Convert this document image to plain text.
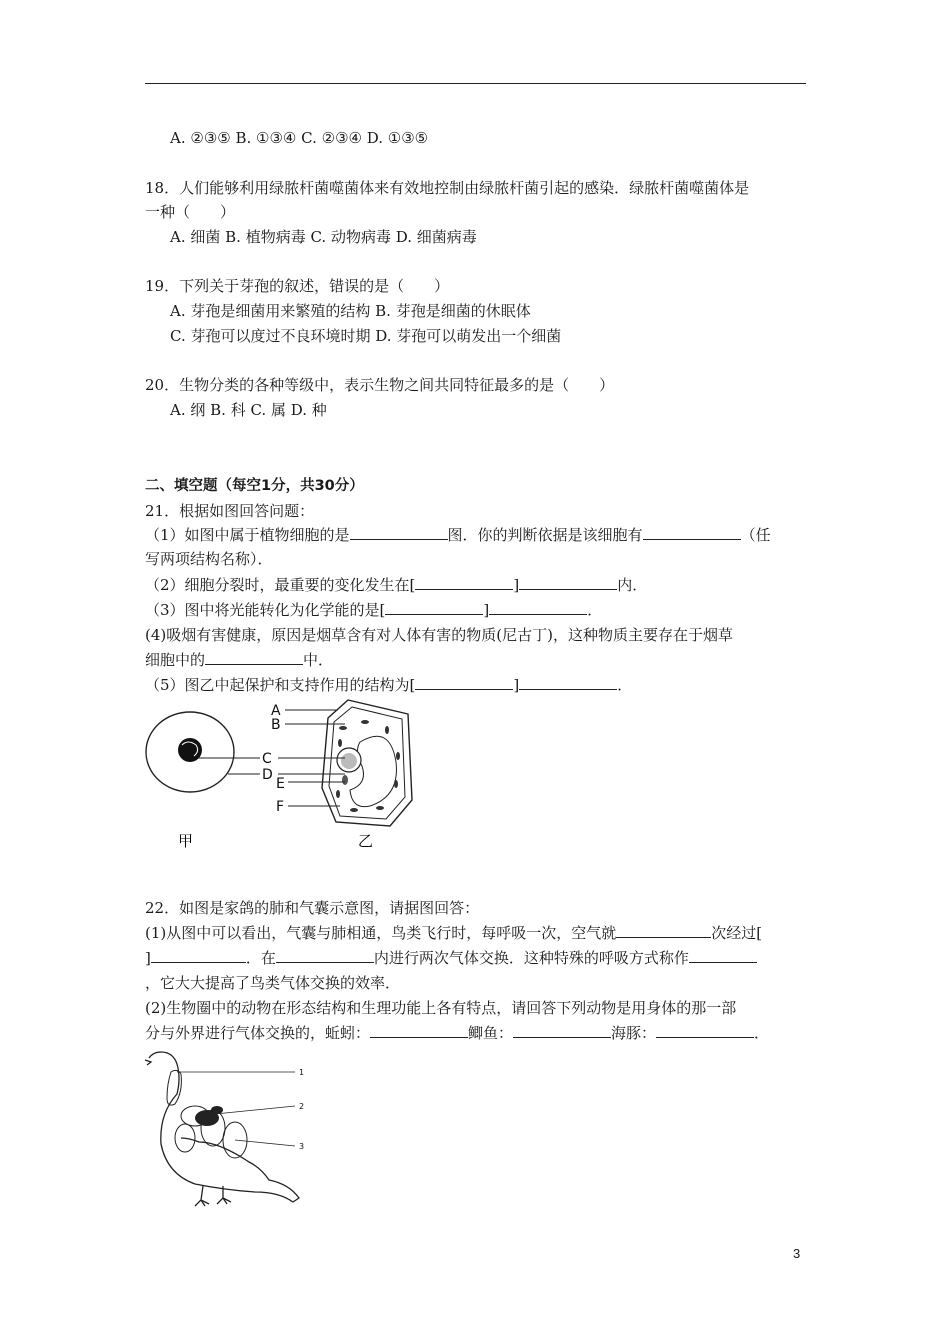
A. ②③⑤ B. ①③④ C. ②③④ D. ①③⑤
18．人们能够利用绿脓杆菌噬菌体来有效地控制由绿脓杆菌引起的感染．绿脓杆菌噬菌体是
一种（　　）
A. 细菌 B. 植物病毒 C. 动物病毒 D. 细菌病毒
19．下列关于芽孢的叙述，错误的是（　　）
A. 芽孢是细菌用来繁殖的结构 B. 芽孢是细菌的休眠体
C. 芽孢可以度过不良环境时期 D. 芽孢可以萌发出一个细菌
20．生物分类的各种等级中，表示生物之间共同特征最多的是（　　）
A. 纲 B. 科 C. 属 D. 种
二、填空题（每空1分，共30分）
21．根据如图回答问题：
（1）如图中属于植物细胞的是	图．你的判断依据是该细胞有	（任
写两项结构名称）．
（2）细胞分裂时，最重要的变化发生在[	]	内．
（3）图中将光能转化为化学能的是[	]	．
(4)吸烟有害健康，原因是烟草含有对人体有害的物质(尼古丁)，这种物质主要存在于烟草
细胞中的	中．
（5）图乙中起保护和支持作用的结构为[	]	．
A
B
C
D
E
F
甲	乙
22．如图是家鸽的肺和气囊示意图，请据图回答：
(1)从图中可以看出，气囊与肺相通，鸟类飞行时，每呼吸一次，空气就	次经过[
]	．在	内进行两次气体交换．这种特殊的呼吸方式称作
，它大大提高了鸟类气体交换的效率．
(2)生物圈中的动物在形态结构和生理功能上各有特点，请回答下列动物是用身体的那一部
分与外界进行气体交换的，蚯蚓：	鲫鱼：	海豚：	．
1
2
3
3
